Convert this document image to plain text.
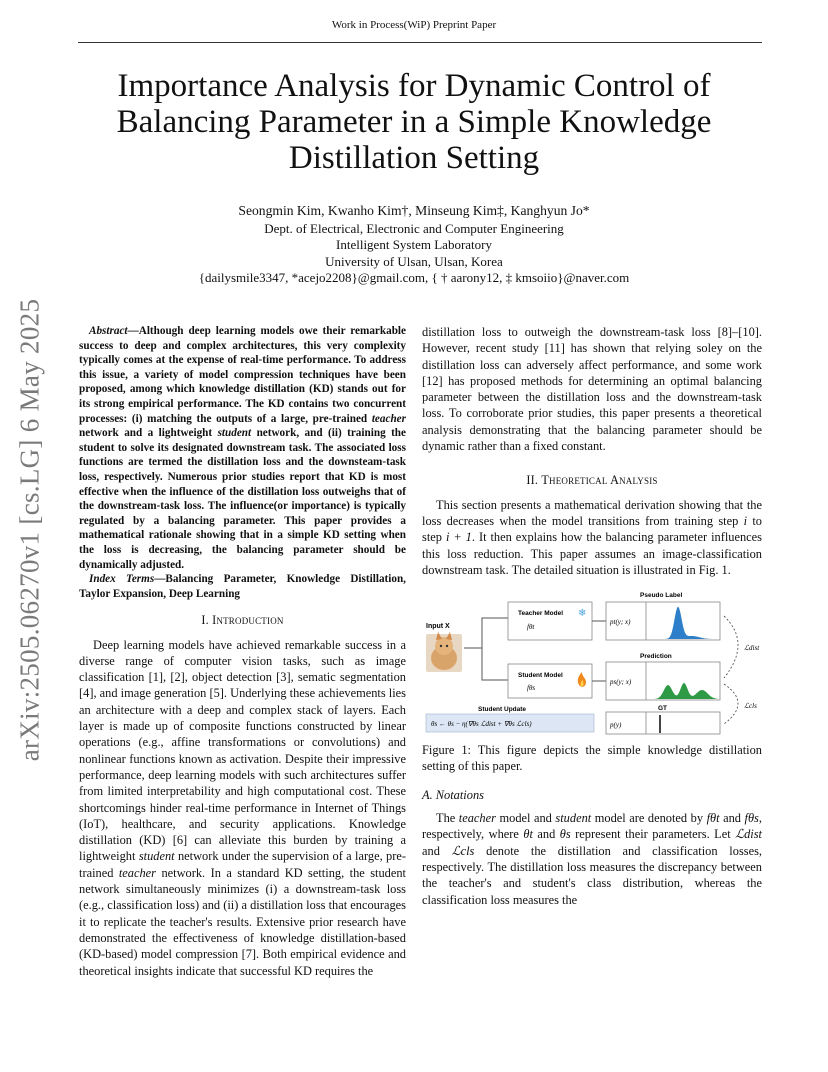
Work in Process(WiP) Preprint Paper
Importance Analysis for Dynamic Control of Balancing Parameter in a Simple Knowledge Distillation Setting
Seongmin Kim, Kwanho Kim†, Minseung Kim‡, Kanghyun Jo*
Dept. of Electrical, Electronic and Computer Engineering
Intelligent System Laboratory
University of Ulsan, Ulsan, Korea
{dailysmile3347, *acejo2208}@gmail.com, { † aarony12, ‡ kmsoiio}@naver.com
arXiv:2505.06270v1 [cs.LG] 6 May 2025	Abstract—Although deep learning models owe their remarkable success to deep and complex architectures, this very complexity typically comes at the expense of real-time performance. To address this issue, a variety of model compression techniques have been proposed, among which knowledge distillation (KD) stands out for its strong empirical performance. The KD contains two concurrent processes: (i) matching the outputs of a large, pre-trained teacher network and a lightweight student network, and (ii) training the student to solve its designated downstream task. The associated loss functions are termed the distillation loss and the downsteam-task loss, respectively. Numerous prior studies report that KD is most effective when the influence of the distillation loss outweighs that of the downstream-task loss. The influence(or importance) is typically regulated by a balancing parameter. This paper provides a mathematical rationale showing that in a simple KD setting when the loss is decreasing, the balancing parameter should be dynamically adjusted.

Index Terms—Balancing Parameter, Knowledge Distillation, Taylor Expansion, Deep Learning

I. Introduction

Deep learning models have achieved remarkable success in a diverse range of computer vision tasks, such as image classification [1], [2], object detection [3], sematic segmentation [4], and image generation [5]. Underlying these achievements lies an architecture with a deep and complex stack of layers. Each layer is made up of composite functions constructed by linear operations (e.g., affine transformations or convolutions) and nonlinear functions known as activation. Despite their impressive performance, deep learning models with such architectures suffer from limited interpretability and high computational cost. These shortcomings hinder real-time performance in Internet of Things (IoT), healthcare, and security applications. Knowledge distillation (KD) [6] can alleviate this burden by training a lightweight student network under the supervision of a large, pre-trained teacher network. In a standard KD setting, the student network simultaneously minimizes (i) a downstream-task loss (e.g., classification loss) and (ii) a distillation loss that encourages it to replicate the teacher's results. Extensive prior research have demonstrated the effectiveness of knowledge distillation-based (KD-based) model compression [7]. Both empirical evidence and theoretical insights indicate that successful KD requires the

distillation loss to outweigh the downstream-task loss [8]–[10]. However, recent study [11] has shown that relying soley on the distillation loss can adversely affect performance, and some work [12] has proposed methods for determining an optimal balancing parameter between the distillation loss and the downstream-task loss. To corroborate prior studies, this paper presents a theoretical analysis demonstrating that the balancing parameter should be dynamic rather than a fixed constant.

II. Theoretical Analysis

This section presents a mathematical derivation showing that the loss decreases when the model transitions from training step i to step i + 1. It then explains how the balancing parameter influences this loss reduction. This paper assumes an image-classification downstream task. The detailed situation is illustrated in Fig. 1.

Input X
Teacher Model
fθt
❄
Student Model
fθs
Pseudo Label
pt(y; x)
Prediction
ps(y; x)
GT
p(y)
ℒdist
ℒcls
Student Update
θs ← θs − η(∇θs ℒdist + ∇θs ℒcls)

Figure 1: This figure depicts the simple knowledge distillation setting of this paper.

A. Notations

The teacher model and student model are denoted by fθt and fθs, respectively, where θt and θs represent their parameters. Let ℒdist and ℒcls denote the distillation and classification losses, respectively. The distillation loss measures the discrepancy between the teacher's and student's class distribution, whereas the classification loss measures the
